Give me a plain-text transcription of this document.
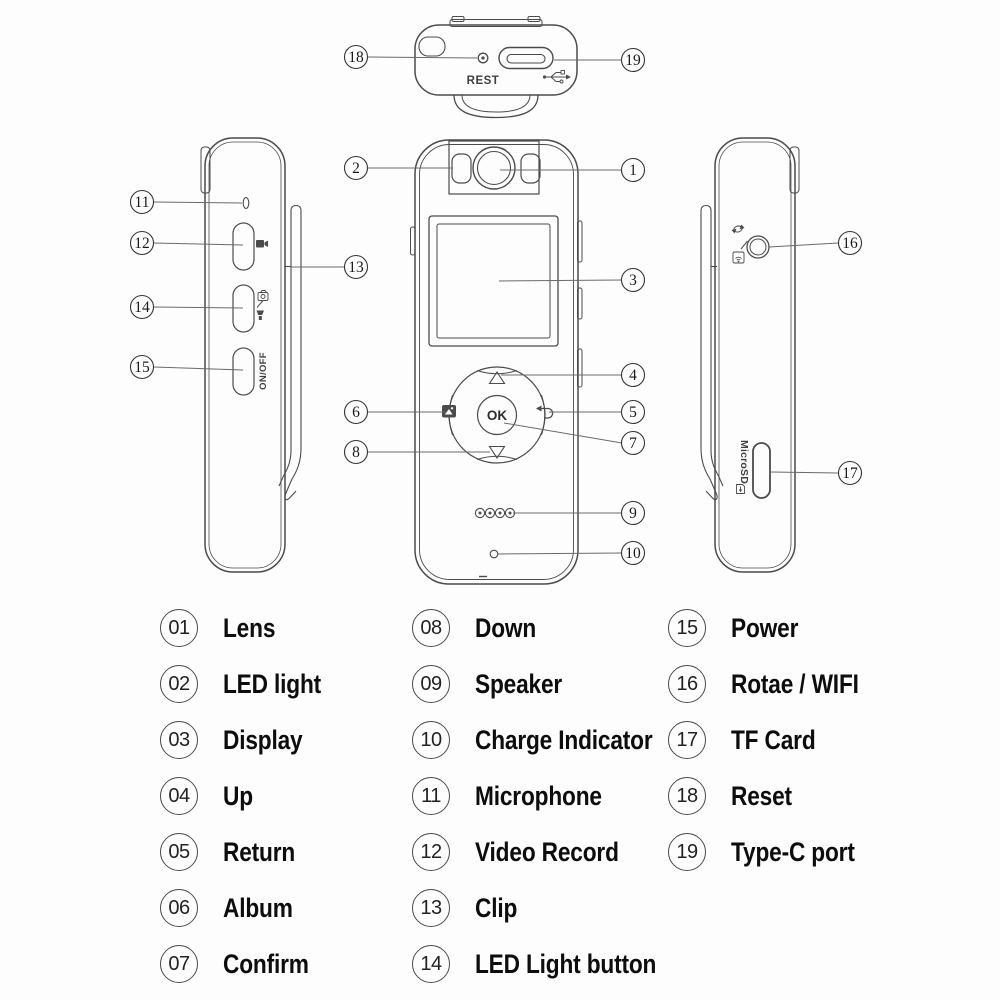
REST
OK
ON/OFF
MicroSD
18	19
2	1
11
12
13
14
15
3
4
6	5
7
8
9
10
16
17
01	Lens
02	LED light
03	Display
04	Up
05	Return
06	Album
07	Confirm
08	Down
09	Speaker
10	Charge Indicator
11	Microphone
12	Video Record
13	Clip
14	LED Light button
15	Power
16	Rotae / WIFI
17	TF Card
18	Reset
19	Type-C port
